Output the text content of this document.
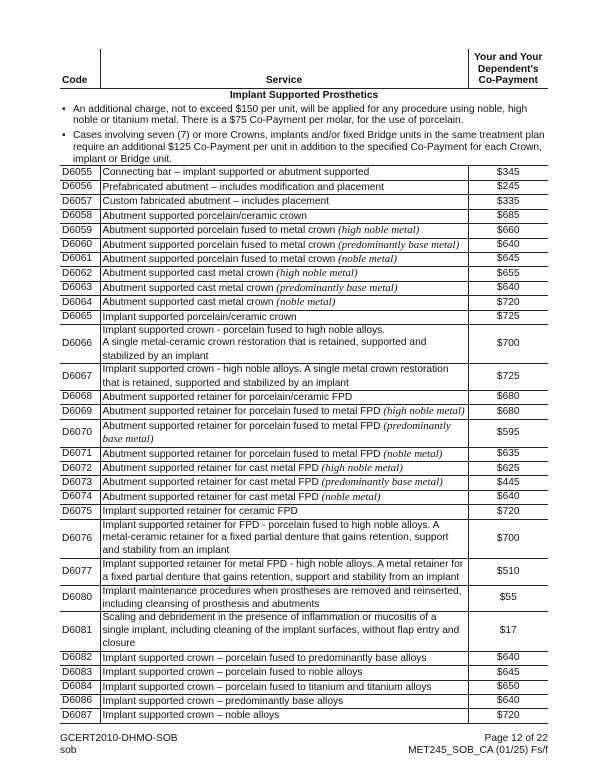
Code	Service	Your and Your
Dependent's
Co-Payment

Implant Supported Prosthetics
• An additional charge, not to exceed $150 per unit, will be applied for any procedure using noble, high noble or titanium metal. There is a $75 Co-Payment per molar, for the use of porcelain.
• Cases involving seven (7) or more Crowns, implants and/or fixed Bridge units in the same treatment plan require an additional $125 Co-Payment per unit in addition to the specified Co-Payment for each Crown, implant or Bridge unit.

D6055	Connecting bar – implant supported or abutment supported	$345
D6056	Prefabricated abutment – includes modification and placement	$245
D6057	Custom fabricated abutment – includes placement	$335
D6058	Abutment supported porcelain/ceramic crown	$685
D6059	Abutment supported porcelain fused to metal crown (high noble metal)	$660
D6060	Abutment supported porcelain fused to metal crown (predominantly base metal)	$640
D6061	Abutment supported porcelain fused to metal crown (noble metal)	$645
D6062	Abutment supported cast metal crown (high noble metal)	$655
D6063	Abutment supported cast metal crown (predominantly base metal)	$640
D6064	Abutment supported cast metal crown (noble metal)	$720
D6065	Implant supported porcelain/ceramic crown	$725
D6066	Implant supported crown - porcelain fused to high noble alloys.
A single metal-ceramic crown restoration that is retained, supported and stabilized by an implant	$700
D6067	Implant supported crown - high noble alloys. A single metal crown restoration that is retained, supported and stabilized by an implant	$725
D6068	Abutment supported retainer for porcelain/ceramic FPD	$680
D6069	Abutment supported retainer for porcelain fused to metal FPD (high noble metal)	$680
D6070	Abutment supported retainer for porcelain fused to metal FPD (predominantly base metal)	$595
D6071	Abutment supported retainer for porcelain fused to metal FPD (noble metal)	$635
D6072	Abutment supported retainer for cast metal FPD (high noble metal)	$625
D6073	Abutment supported retainer for cast metal FPD (predominantly base metal)	$445
D6074	Abutment supported retainer for cast metal FPD (noble metal)	$640
D6075	Implant supported retainer for ceramic FPD	$720
D6076	Implant supported retainer for FPD - porcelain fused to high noble alloys. A metal-ceramic retainer for a fixed partial denture that gains retention, support and stability from an implant	$700
D6077	Implant supported retainer for metal FPD - high noble alloys. A metal retainer for a fixed partial denture that gains retention, support and stability from an implant	$510
D6080	Implant maintenance procedures when prostheses are removed and reinserted, including cleansing of prosthesis and abutments	$55
D6081	Scaling and debridement in the presence of inflammation or mucositis of a single implant, including cleaning of the implant surfaces, without flap entry and closure	$17
D6082	Implant supported crown – porcelain fused to predominantly base alloys	$640
D6083	Implant supported crown – porcelain fused to noble alloys	$645
D6084	Implant supported crown – porcelain fused to titanium and titanium alloys	$650
D6086	Implant supported crown – predominantly base alloys	$640
D6087	Implant supported crown – noble alloys	$720
GCERT2010-DHMO-SOB
sob
Page 12 of 22
MET245_SOB_CA (01/25) Fs/f
